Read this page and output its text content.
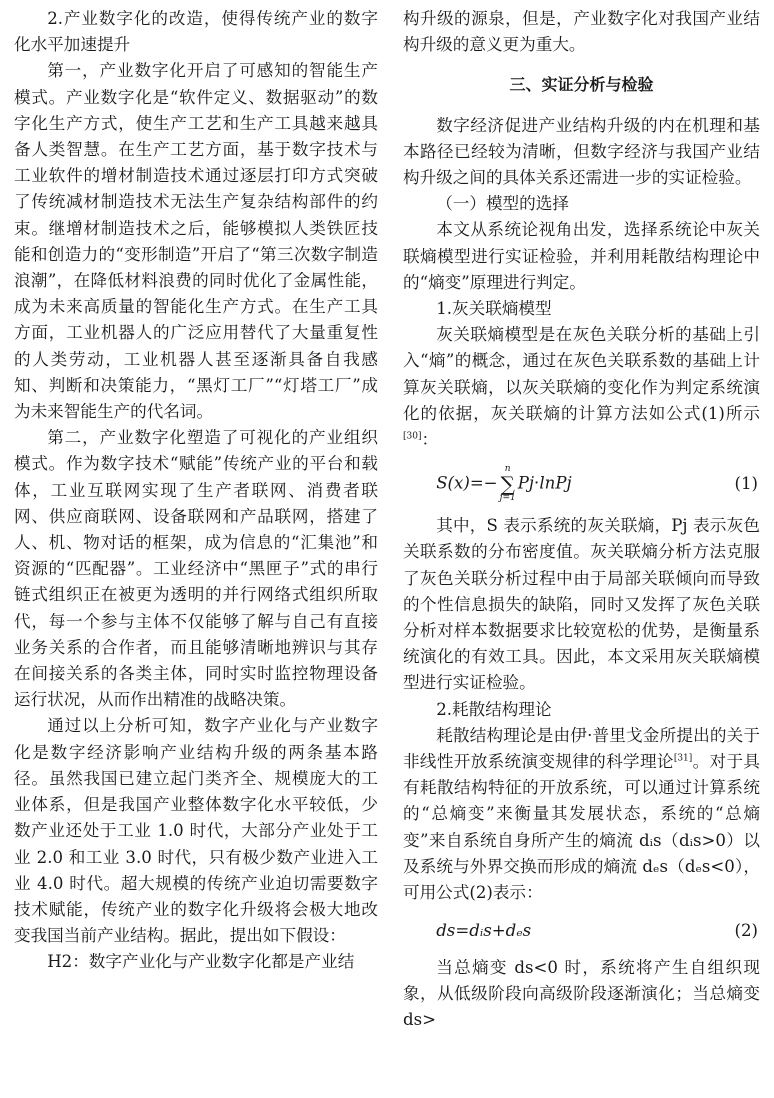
2.产业数字化的改造，使得传统产业的数字化水平加速提升

第一，产业数字化开启了可感知的智能生产模式。产业数字化是“软件定义、数据驱动”的数字化生产方式，使生产工艺和生产工具越来越具备人类智慧。在生产工艺方面，基于数字技术与工业软件的增材制造技术通过逐层打印方式突破了传统减材制造技术无法生产复杂结构部件的约束。继增材制造技术之后，能够模拟人类铁匠技能和创造力的“变形制造”开启了“第三次数字制造浪潮”，在降低材料浪费的同时优化了金属性能，成为未来高质量的智能化生产方式。在生产工具方面，工业机器人的广泛应用替代了大量重复性的人类劳动，工业机器人甚至逐渐具备自我感知、判断和决策能力，“黑灯工厂”“灯塔工厂”成为未来智能生产的代名词。

第二，产业数字化塑造了可视化的产业组织模式。作为数字技术“赋能”传统产业的平台和载体，工业互联网实现了生产者联网、消费者联网、供应商联网、设备联网和产品联网，搭建了人、机、物对话的框架，成为信息的“汇集池”和资源的“匹配器”。工业经济中“黑匣子”式的串行链式组织正在被更为透明的并行网络式组织所取代，每一个参与主体不仅能够了解与自己有直接业务关系的合作者，而且能够清晰地辨识与其存在间接关系的各类主体，同时实时监控物理设备运行状况，从而作出精准的战略决策。

通过以上分析可知，数字产业化与产业数字化是数字经济影响产业结构升级的两条基本路径。虽然我国已建立起门类齐全、规模庞大的工业体系，但是我国产业整体数字化水平较低，少数产业还处于工业 1.0 时代，大部分产业处于工业 2.0 和工业 3.0 时代，只有极少数产业进入工业 4.0 时代。超大规模的传统产业迫切需要数字技术赋能，传统产业的数字化升级将会极大地改变我国当前产业结构。据此，提出如下假设：

H2：数字产业化与产业数字化都是产业结

构升级的源泉，但是，产业数字化对我国产业结构升级的意义更为重大。

三、实证分析与检验

数字经济促进产业结构升级的内在机理和基本路径已经较为清晰，但数字经济与我国产业结构升级之间的具体关系还需进一步的实证检验。

（一）模型的选择

本文从系统论视角出发，选择系统论中灰关联熵模型进行实证检验，并利用耗散结构理论中的“熵变”原理进行判定。

1.灰关联熵模型

灰关联熵模型是在灰色关联分析的基础上引入“熵”的概念，通过在灰色关联系数的基础上计算灰关联熵，以灰关联熵的变化作为判定系统演化的依据，灰关联熵的计算方法如公式(1)所示[30]：

S(x)=−
n
∑
j=1
Pj·lnPj	(1)

其中，S 表示系统的灰关联熵，Pj 表示灰色关联系数的分布密度值。灰关联熵分析方法克服了灰色关联分析过程中由于局部关联倾向而导致的个性信息损失的缺陷，同时又发挥了灰色关联分析对样本数据要求比较宽松的优势，是衡量系统演化的有效工具。因此，本文采用灰关联熵模型进行实证检验。

2.耗散结构理论

耗散结构理论是由伊·普里戈金所提出的关于非线性开放系统演变规律的科学理论[31]。对于具有耗散结构特征的开放系统，可以通过计算系统的“总熵变”来衡量其发展状态，系统的“总熵变”来自系统自身所产生的熵流 dᵢs（dᵢs>0）以及系统与外界交换而形成的熵流 dₑs（dₑs<0），可用公式(2)表示：

ds=dᵢs+dₑs	(2)

当总熵变 ds<0 时，系统将产生自组织现象，从低级阶段向高级阶段逐渐演化；当总熵变 ds>
